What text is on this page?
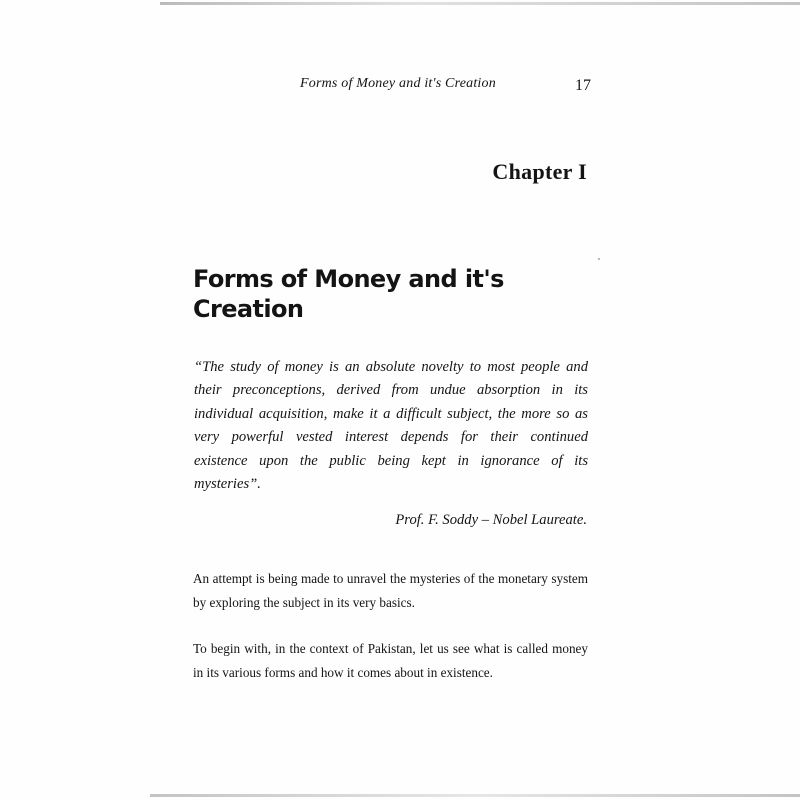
Forms of Money and it's Creation	17
Chapter I
Forms of Money and it's Creation
“The study of money is an absolute novelty to most people and their preconceptions, derived from undue absorption in its individual acquisition, make it a difficult subject, the more so as very powerful vested interest depends for their continued existence upon the public being kept in ignorance of its mysteries”.
Prof. F. Soddy – Nobel Laureate.

An attempt is being made to unravel the mysteries of the monetary system by exploring the subject in its very basics.

To begin with, in the context of Pakistan, let us see what is called money in its various forms and how it comes about in existence.
